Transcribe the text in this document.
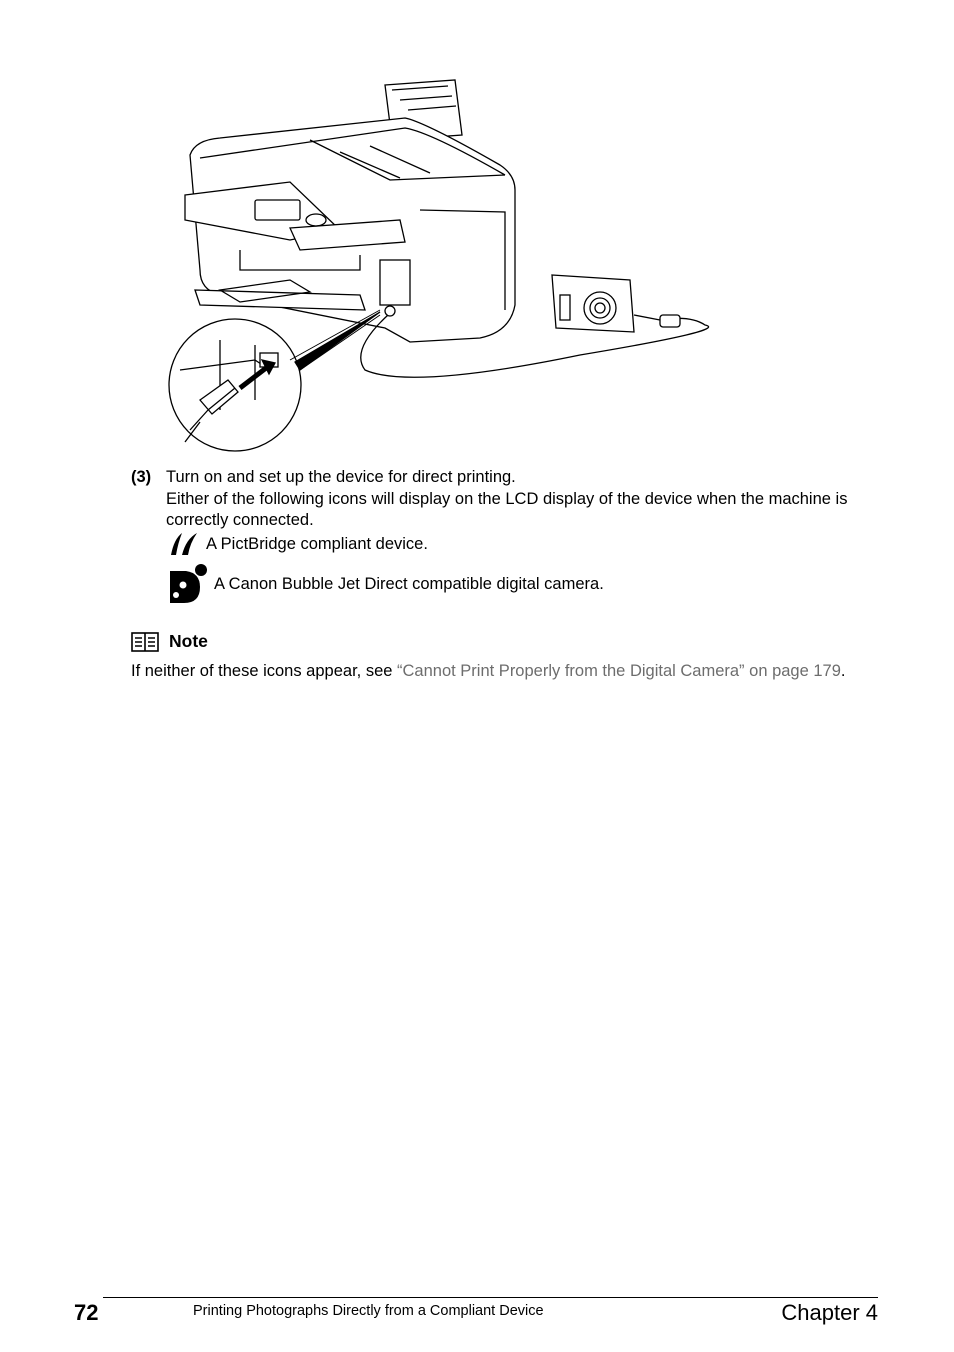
(3) Turn on and set up the device for direct printing.
Either of the following icons will display on the LCD display of the device when the machine is correctly connected.
A PictBridge compliant device.
A Canon Bubble Jet Direct compatible digital camera.
Note
If neither of these icons appear, see “Cannot Print Properly from the Digital Camera” on page 179.
72	Printing Photographs Directly from a Compliant Device	Chapter 4
